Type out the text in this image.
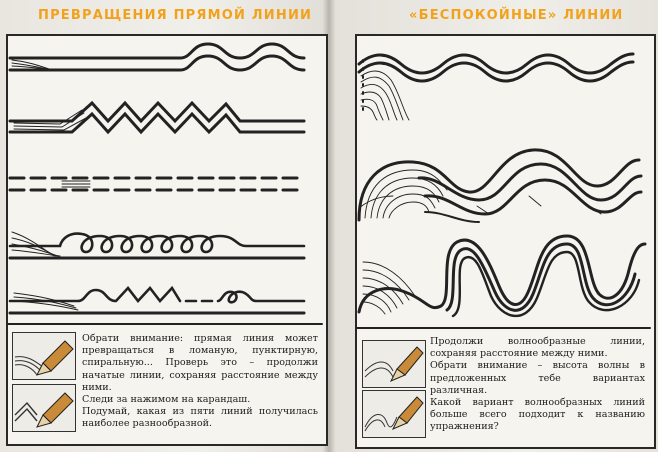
ПРЕВРАЩЕНИЯ ПРЯМОЙ ЛИНИИ

Обрати внимание: прямая линия может превращаться в ломаную, пунктирную, спиральную... Проверь это – продолжи начатые линии, сохраняя расстояние между ними.

Следи за нажимом на карандаш.

Подумай, какая из пяти линий получилась наиболее разнообразной.

«БЕСПОКОЙНЫЕ» ЛИНИИ

Продолжи волнообразные линии, сохраняя расстояние между ними.

Обрати внимание – высота волны в предложенных тебе вариантах различная.

Какой вариант волнообразных линий больше всего подходит к названию упражнения?
